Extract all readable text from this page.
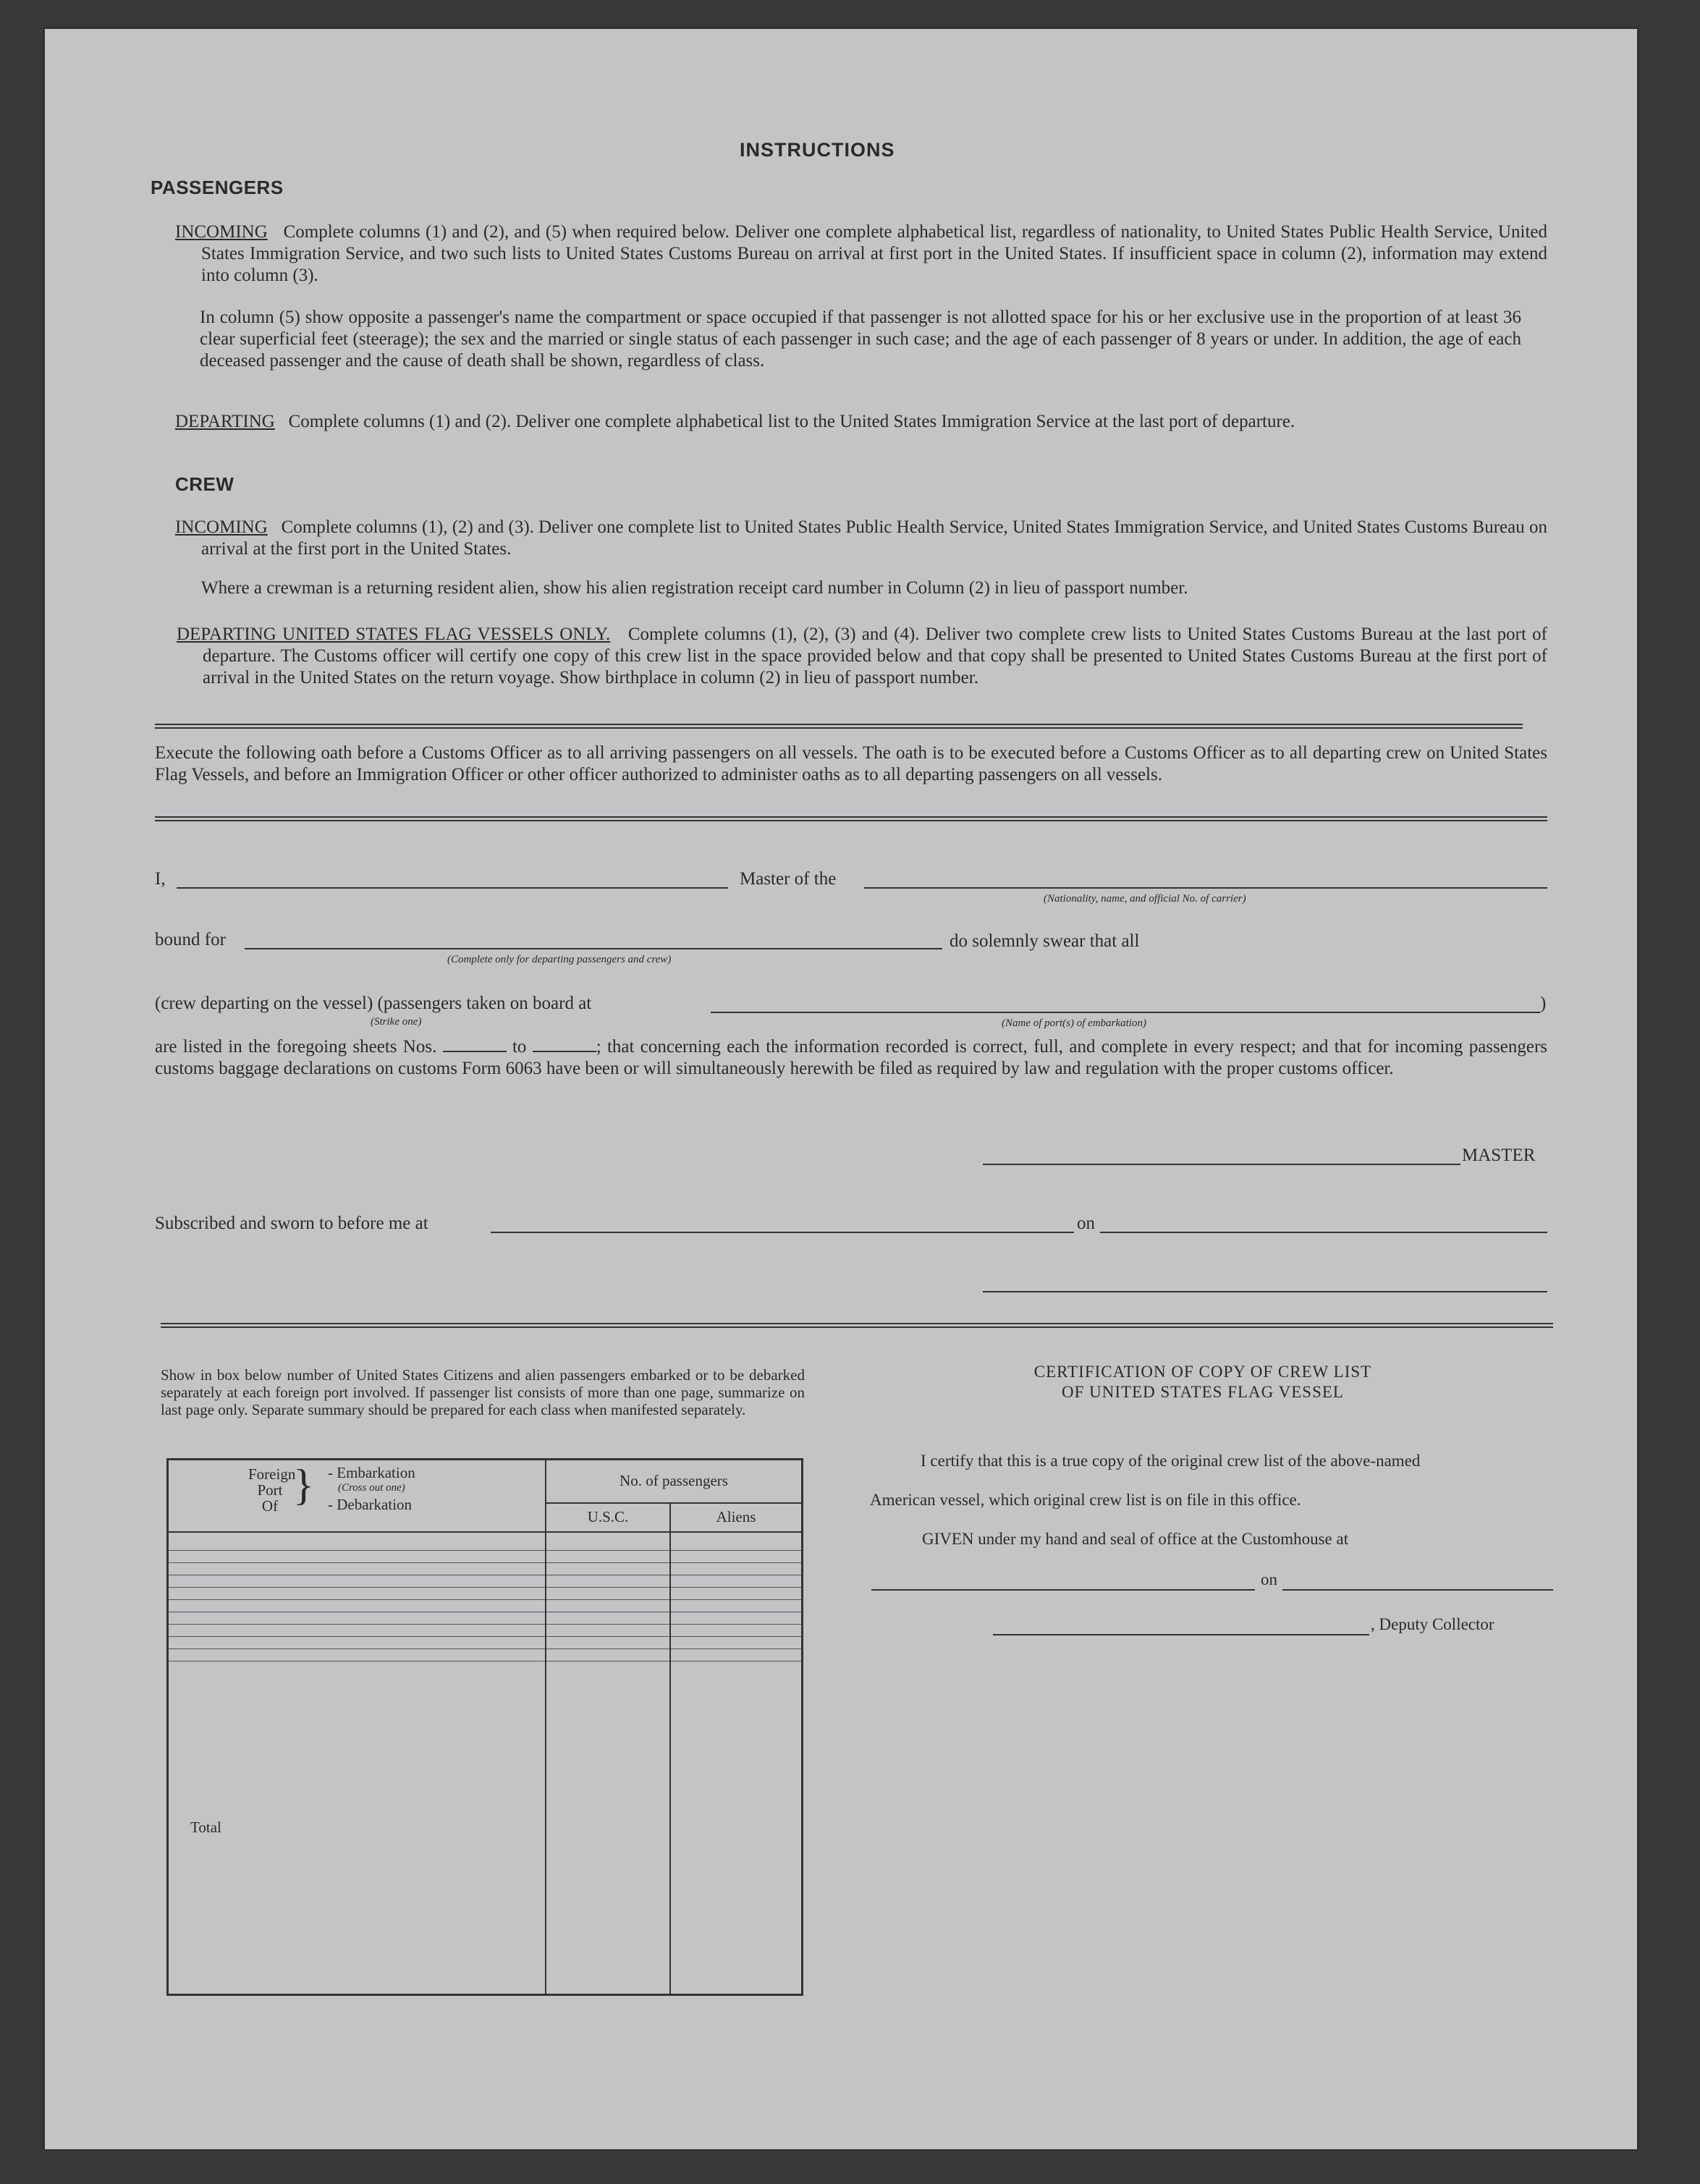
INSTRUCTIONS
PASSENGERS
INCOMING Complete columns (1) and (2), and (5) when required below. Deliver one complete alphabetical list, regardless of nationality, to United States Public Health Service, United States Immigration Service, and two such lists to United States Customs Bureau on arrival at first port in the United States. If insufficient space in column (2), information may extend into column (3).
In column (5) show opposite a passenger's name the compartment or space occupied if that passenger is not allotted space for his or her exclusive use in the proportion of at least 36 clear superficial feet (steerage); the sex and the married or single status of each passenger in such case; and the age of each passenger of 8 years or under. In addition, the age of each deceased passenger and the cause of death shall be shown, regardless of class.
DEPARTING Complete columns (1) and (2). Deliver one complete alphabetical list to the United States Immigration Service at the last port of departure.
CREW
INCOMING Complete columns (1), (2) and (3). Deliver one complete list to United States Public Health Service, United States Immigration Service, and United States Customs Bureau on arrival at the first port in the United States.
Where a crewman is a returning resident alien, show his alien registration receipt card number in Column (2) in lieu of passport number.
DEPARTING UNITED STATES FLAG VESSELS ONLY. Complete columns (1), (2), (3) and (4). Deliver two complete crew lists to United States Customs Bureau at the last port of departure. The Customs officer will certify one copy of this crew list in the space provided below and that copy shall be presented to United States Customs Bureau at the first port of arrival in the United States on the return voyage. Show birthplace in column (2) in lieu of passport number.
Execute the following oath before a Customs Officer as to all arriving passengers on all vessels. The oath is to be executed before a Customs Officer as to all departing crew on United States Flag Vessels, and before an Immigration Officer or other officer authorized to administer oaths as to all departing passengers on all vessels.
I,	Master of the
(Nationality, name, and official No. of carrier)
bound for
(Complete only for departing passengers and crew)
do solemnly swear that all
(crew departing on the vessel) (passengers taken on board at	)
(Strike one)	(Name of port(s) of embarkation)
are listed in the foregoing sheets Nos.	to	; that concerning each the information recorded is correct, full, and complete in every respect; and that for incoming passengers customs baggage declarations on customs Form 6063 have been or will simultaneously herewith be filed as required by law and regulation with the proper customs officer.
MASTER
Subscribed and sworn to before me at	on
Show in box below number of United States Citizens and alien passengers embarked or to be debarked separately at each foreign port involved. If passenger list consists of more than one page, summarize on last page only. Separate summary should be prepared for each class when manifested separately.
Foreign Port Of } - Embarkation
(Cross out one)
- Debarkation	No. of passengers	
	U.S.C.	Aliens

Total		
CERTIFICATION OF COPY OF CREW LIST
OF UNITED STATES FLAG VESSEL
I certify that this is a true copy of the original crew list of the above-named
American vessel, which original crew list is on file in this office.
GIVEN under my hand and seal of office at the Customhouse at
on
, Deputy Collector
